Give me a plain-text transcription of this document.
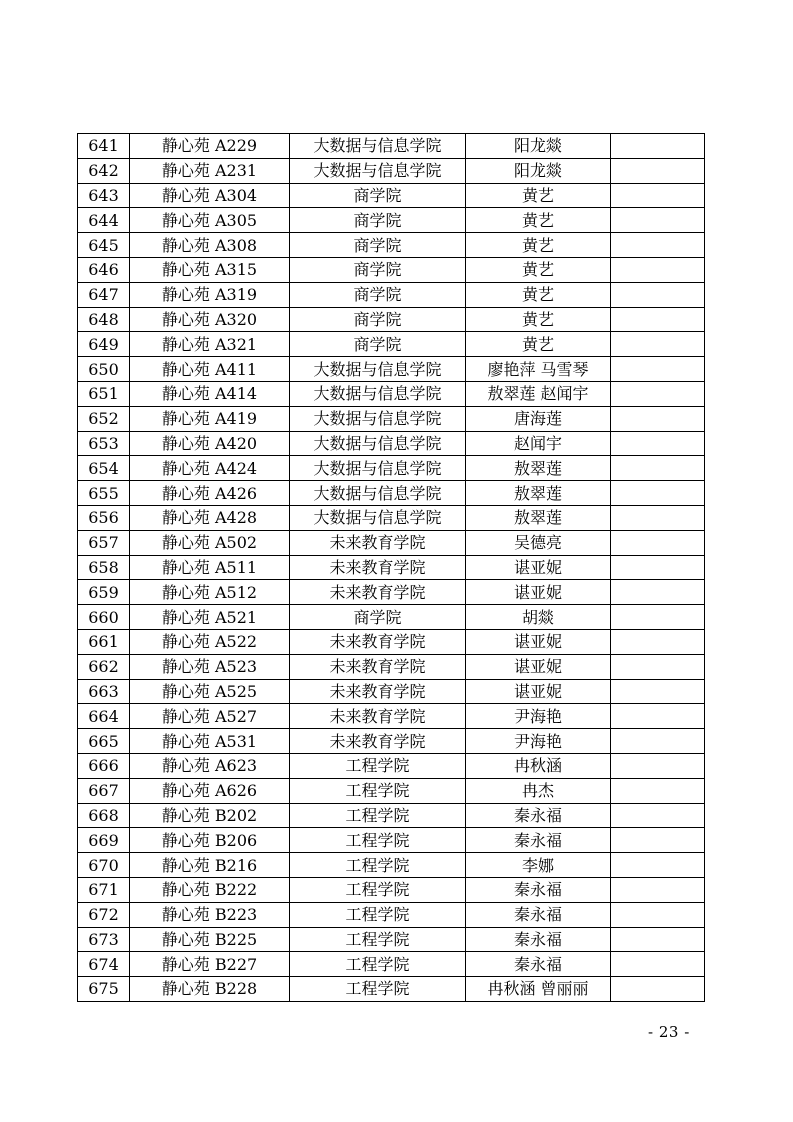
641	静心苑 A229	大数据与信息学院	阳龙燚	
642	静心苑 A231	大数据与信息学院	阳龙燚	
643	静心苑 A304	商学院	黄艺	
644	静心苑 A305	商学院	黄艺	
645	静心苑 A308	商学院	黄艺	
646	静心苑 A315	商学院	黄艺	
647	静心苑 A319	商学院	黄艺	
648	静心苑 A320	商学院	黄艺	
649	静心苑 A321	商学院	黄艺	
650	静心苑 A411	大数据与信息学院	廖艳萍 马雪琴	
651	静心苑 A414	大数据与信息学院	敖翠莲 赵闻宇	
652	静心苑 A419	大数据与信息学院	唐海莲	
653	静心苑 A420	大数据与信息学院	赵闻宇	
654	静心苑 A424	大数据与信息学院	敖翠莲	
655	静心苑 A426	大数据与信息学院	敖翠莲	
656	静心苑 A428	大数据与信息学院	敖翠莲	
657	静心苑 A502	未来教育学院	吴德亮	
658	静心苑 A511	未来教育学院	谌亚妮	
659	静心苑 A512	未来教育学院	谌亚妮	
660	静心苑 A521	商学院	胡燚	
661	静心苑 A522	未来教育学院	谌亚妮	
662	静心苑 A523	未来教育学院	谌亚妮	
663	静心苑 A525	未来教育学院	谌亚妮	
664	静心苑 A527	未来教育学院	尹海艳	
665	静心苑 A531	未来教育学院	尹海艳	
666	静心苑 A623	工程学院	冉秋涵	
667	静心苑 A626	工程学院	冉杰	
668	静心苑 B202	工程学院	秦永福	
669	静心苑 B206	工程学院	秦永福	
670	静心苑 B216	工程学院	李娜	
671	静心苑 B222	工程学院	秦永福	
672	静心苑 B223	工程学院	秦永福	
673	静心苑 B225	工程学院	秦永福	
674	静心苑 B227	工程学院	秦永福	
675	静心苑 B228	工程学院	冉秋涵 曾丽丽	
- 23 -
